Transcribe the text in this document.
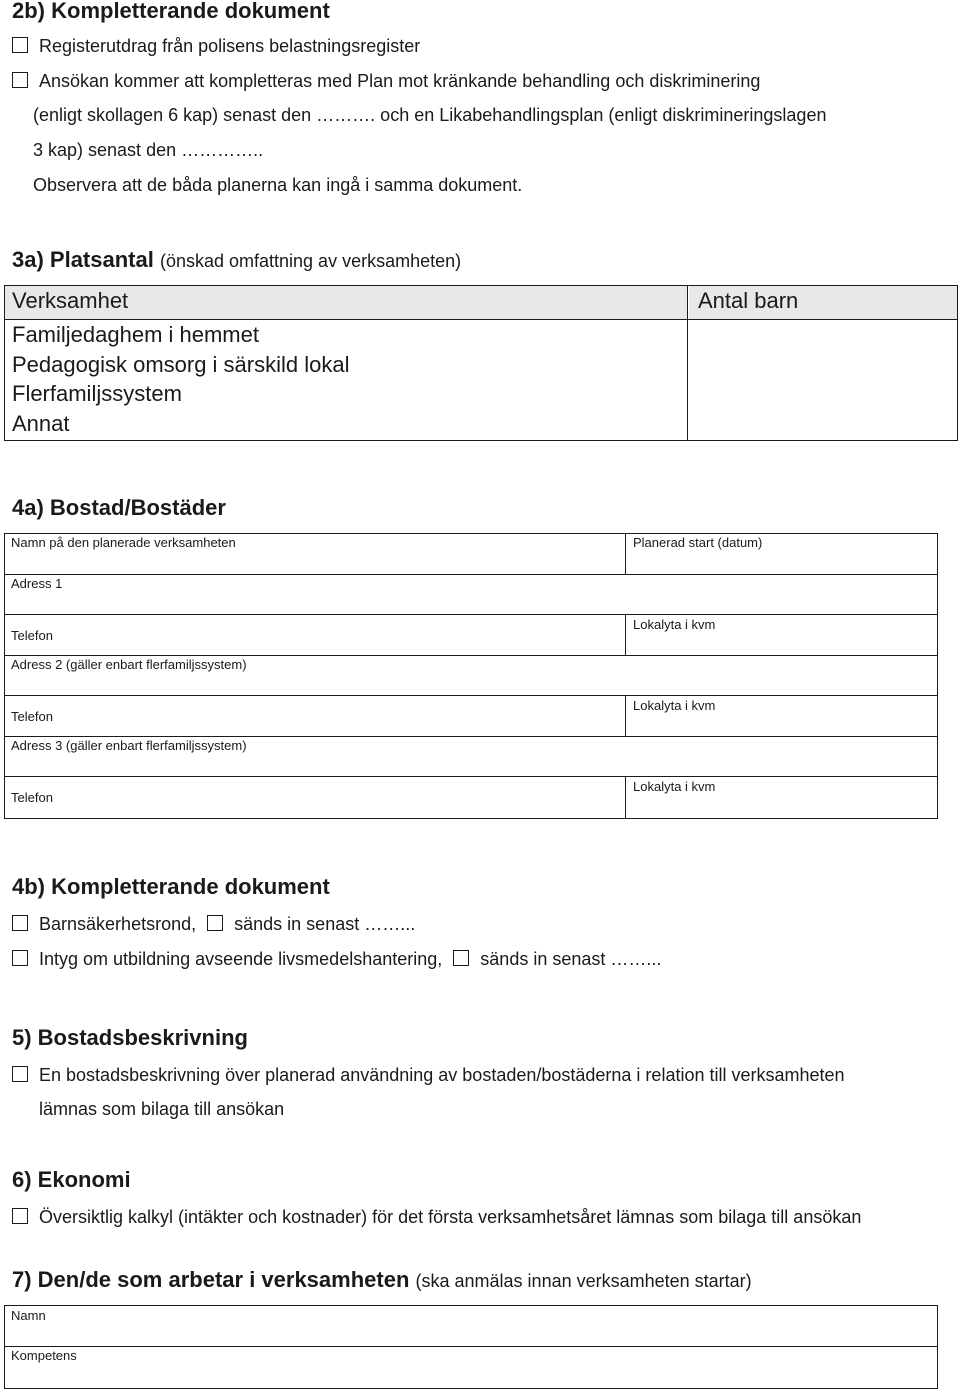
2b) Kompletterande dokument
Registerutdrag från polisens belastningsregister
Ansökan kommer att kompletteras med Plan mot kränkande behandling och diskriminering
(enligt skollagen 6 kap) senast den ………. och en Likabehandlingsplan (enligt diskrimineringslagen
3 kap) senast den …………..
Observera att de båda planerna kan ingå i samma dokument.
3a) Platsantal (önskad omfattning av verksamheten)
Verksamhet	Antal barn
Familjedaghem i hemmet
Pedagogisk omsorg i särskild lokal
Flerfamiljssystem
Annat
4a) Bostad/Bostäder
Namn på den planerade verksamheten	Planerad start (datum)
Adress 1
Telefon
Lokalyta i kvm
Adress 2 (gäller enbart flerfamiljssystem)
Telefon
Lokalyta i kvm
Adress 3 (gäller enbart flerfamiljssystem)
Telefon
Lokalyta i kvm
4b) Kompletterande dokument
Barnsäkerhetsrond, sänds in senast ……...
Intyg om utbildning avseende livsmedelshantering, sänds in senast ……...
5) Bostadsbeskrivning
En bostadsbeskrivning över planerad användning av bostaden/bostäderna i relation till verksamheten
lämnas som bilaga till ansökan
6) Ekonomi
Översiktlig kalkyl (intäkter och kostnader) för det första verksamhetsåret lämnas som bilaga till ansökan
7) Den/de som arbetar i verksamheten (ska anmälas innan verksamheten startar)
Namn
Kompetens
